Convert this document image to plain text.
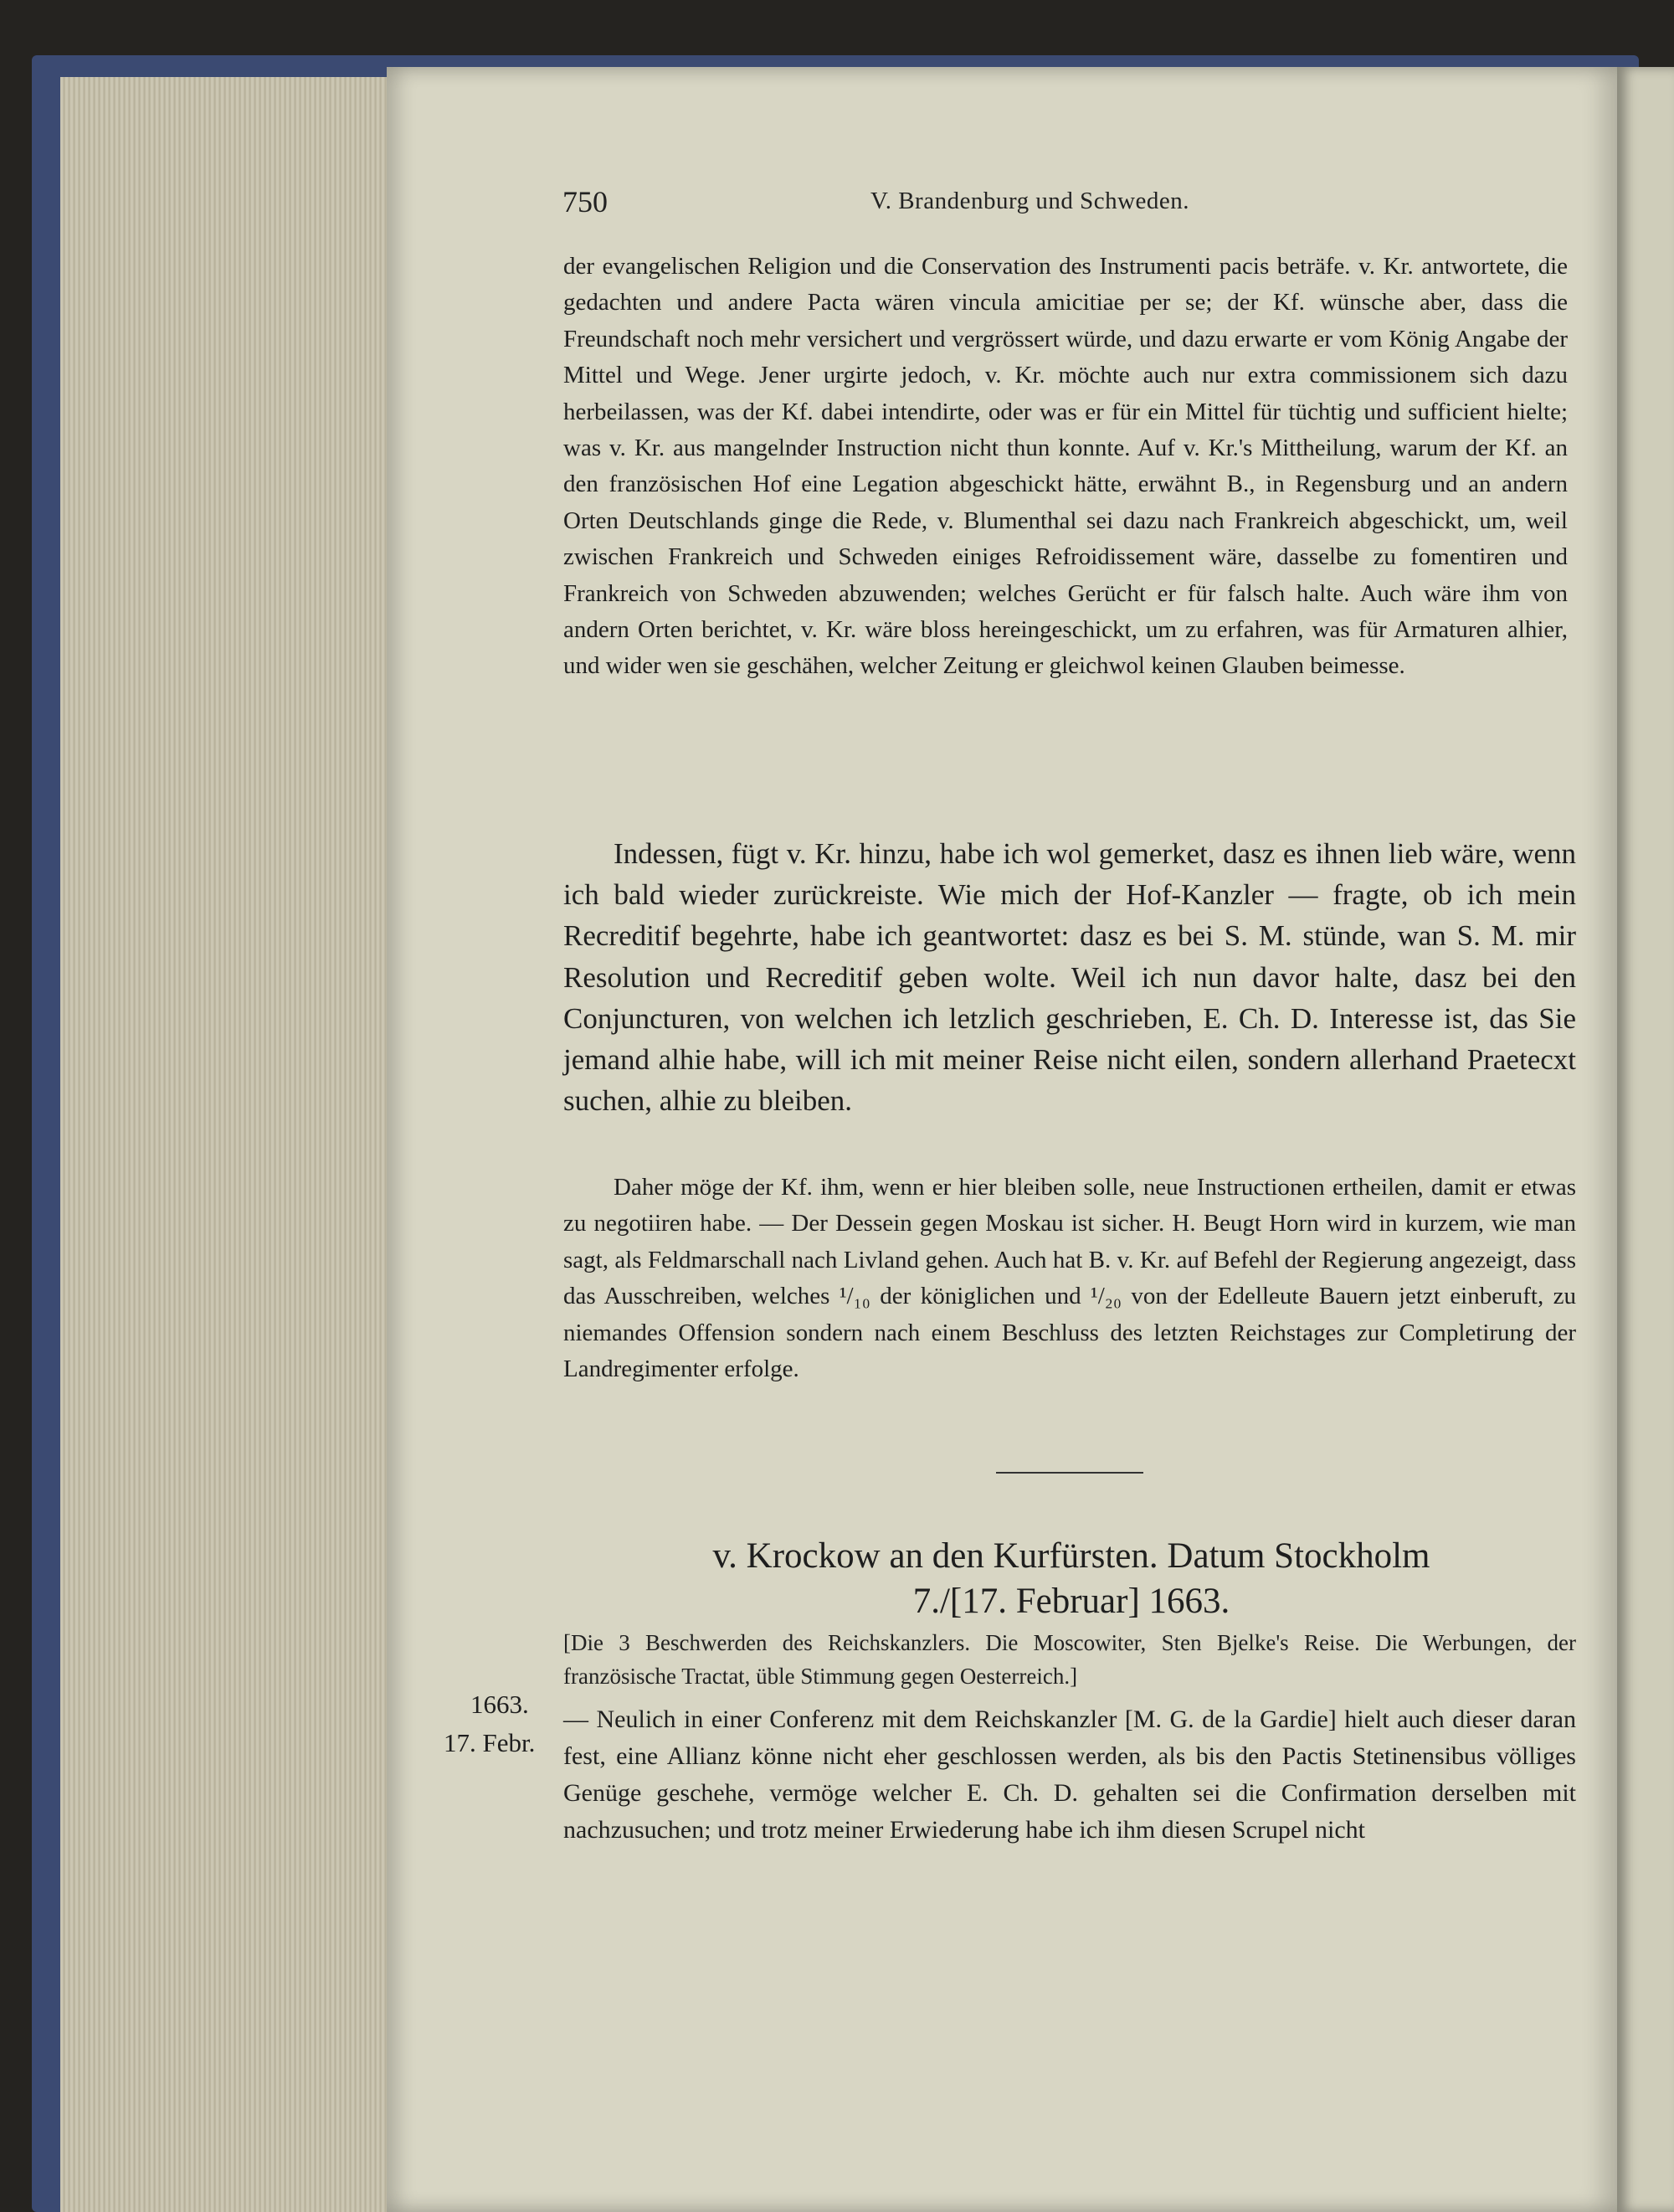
750	V. Brandenburg und Schweden.

der evangelischen Religion und die Conservation des Instrumenti pacis beträfe. v. Kr. antwortete, die gedachten und andere Pacta wären vincula amicitiae per se; der Kf. wünsche aber, dass die Freundschaft noch mehr versichert und vergrössert würde, und dazu erwarte er vom König Angabe der Mittel und Wege. Jener urgirte jedoch, v. Kr. möchte auch nur extra commissionem sich dazu herbeilassen, was der Kf. dabei intendirte, oder was er für ein Mittel für tüchtig und sufficient hielte; was v. Kr. aus mangelnder Instruction nicht thun konnte. Auf v. Kr.'s Mittheilung, warum der Kf. an den französischen Hof eine Legation abgeschickt hätte, erwähnt B., in Regensburg und an andern Orten Deutschlands ginge die Rede, v. Blumenthal sei dazu nach Frankreich abgeschickt, um, weil zwischen Frankreich und Schweden einiges Refroidissement wäre, dasselbe zu fomentiren und Frankreich von Schweden abzuwenden; welches Gerücht er für falsch halte. Auch wäre ihm von andern Orten berichtet, v. Kr. wäre bloss hereingeschickt, um zu erfahren, was für Armaturen alhier, und wider wen sie geschähen, welcher Zeitung er gleichwol keinen Glauben beimesse.

Indessen, fügt v. Kr. hinzu, habe ich wol gemerket, dasz es ihnen lieb wäre, wenn ich bald wieder zurückreiste. Wie mich der Hof-Kanzler — fragte, ob ich mein Recreditif begehrte, habe ich geantwortet: dasz es bei S. M. stünde, wan S. M. mir Resolution und Recreditif geben wolte. Weil ich nun davor halte, dasz bei den Conjuncturen, von welchen ich letzlich geschrieben, E. Ch. D. Interesse ist, das Sie jemand alhie habe, will ich mit meiner Reise nicht eilen, sondern allerhand Praetecxt suchen, alhie zu bleiben.

Daher möge der Kf. ihm, wenn er hier bleiben solle, neue Instructionen ertheilen, damit er etwas zu negotiiren habe. — Der Dessein gegen Moskau ist sicher. H. Beugt Horn wird in kurzem, wie man sagt, als Feldmarschall nach Livland gehen. Auch hat B. v. Kr. auf Befehl der Regierung angezeigt, dass das Ausschreiben, welches ¹/₁₀ der königlichen und ¹/₂₀ von der Edelleute Bauern jetzt einberuft, zu niemandes Offension sondern nach einem Beschluss des letzten Reichstages zur Completirung der Landregimenter erfolge.

v. Krockow an den Kurfürsten. Datum Stockholm
7./[17. Februar] 1663.

[Die 3 Beschwerden des Reichskanzlers. Die Moscowiter, Sten Bjelke's Reise. Die Werbungen, der französische Tractat, üble Stimmung gegen Oesterreich.]

1663.
17. Febr.

— Neulich in einer Conferenz mit dem Reichskanzler [M. G. de la Gardie] hielt auch dieser daran fest, eine Allianz könne nicht eher geschlossen werden, als bis den Pactis Stetinensibus völliges Genüge geschehe, vermöge welcher E. Ch. D. gehalten sei die Confirmation derselben mit nachzusuchen; und trotz meiner Erwiederung habe ich ihm diesen Scrupel nicht
